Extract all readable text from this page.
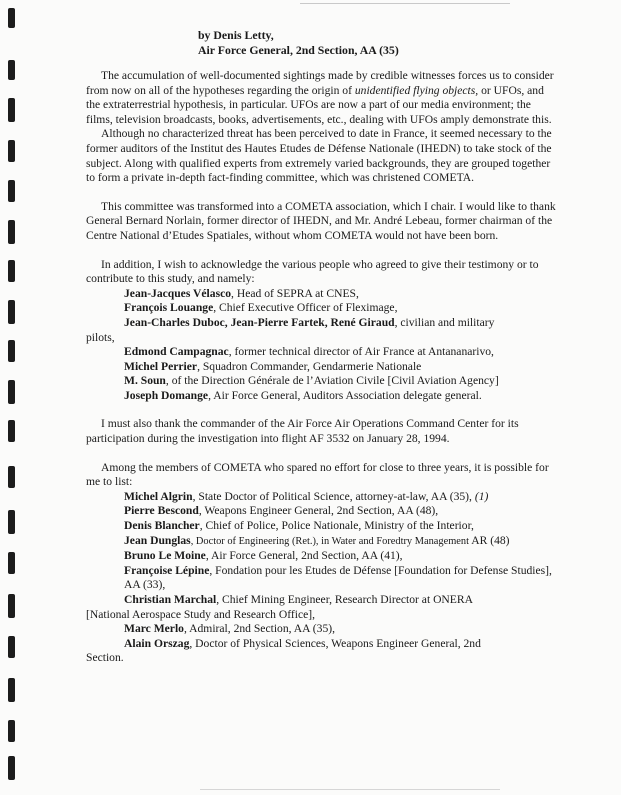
by Denis Letty,
Air Force General, 2nd Section, AA (35)

The accumulation of well-documented sightings made by credible witnesses forces us to consider from now on all of the hypotheses regarding the origin of unidentified flying objects, or UFOs, and the extraterrestrial hypothesis, in particular. UFOs are now a part of our media environment; the films, television broadcasts, books, advertisements, etc., dealing with UFOs amply demonstrate this.

Although no characterized threat has been perceived to date in France, it seemed necessary to the former auditors of the Institut des Hautes Etudes de Défense Nationale (IHEDN) to take stock of the subject. Along with qualified experts from extremely varied backgrounds, they are grouped together to form a private in-depth fact-finding committee, which was christened COMETA.

This committee was transformed into a COMETA association, which I chair. I would like to thank General Bernard Norlain, former director of IHEDN, and Mr. André Lebeau, former chairman of the Centre National d’Etudes Spatiales, without whom COMETA would not have been born.

In addition, I wish to acknowledge the various people who agreed to give their testimony or to contribute to this study, and namely:

Jean-Jacques Vélasco, Head of SEPRA at CNES,

François Louange, Chief Executive Officer of Fleximage,

Jean-Charles Duboc, Jean-Pierre Fartek, René Giraud, civilian and military

pilots,

Edmond Campagnac, former technical director of Air France at Antananarivo,

Michel Perrier, Squadron Commander, Gendarmerie Nationale

M. Soun, of the Direction Générale de l’Aviation Civile [Civil Aviation Agency]

Joseph Domange, Air Force General, Auditors Association delegate general.

I must also thank the commander of the Air Force Air Operations Command Center for its participation during the investigation into flight AF 3532 on January 28, 1994.

Among the members of COMETA who spared no effort for close to three years, it is possible for me to list:

Michel Algrin, State Doctor of Political Science, attorney-at-law, AA (35), (1)

Pierre Bescond, Weapons Engineer General, 2nd Section, AA (48),

Denis Blancher, Chief of Police, Police Nationale, Ministry of the Interior,

Jean Dunglas, Doctor of Engineering (Ret.), in Water and Foredtry Management AR (48)

Bruno Le Moine, Air Force General, 2nd Section, AA (41),

Françoise Lépine, Fondation pour les Etudes de Défense [Foundation for Defense Studies], AA (33),

Christian Marchal, Chief Mining Engineer, Research Director at ONERA

[National Aerospace Study and Research Office],

Marc Merlo, Admiral, 2nd Section, AA (35),

Alain Orszag, Doctor of Physical Sciences, Weapons Engineer General, 2nd

Section.
